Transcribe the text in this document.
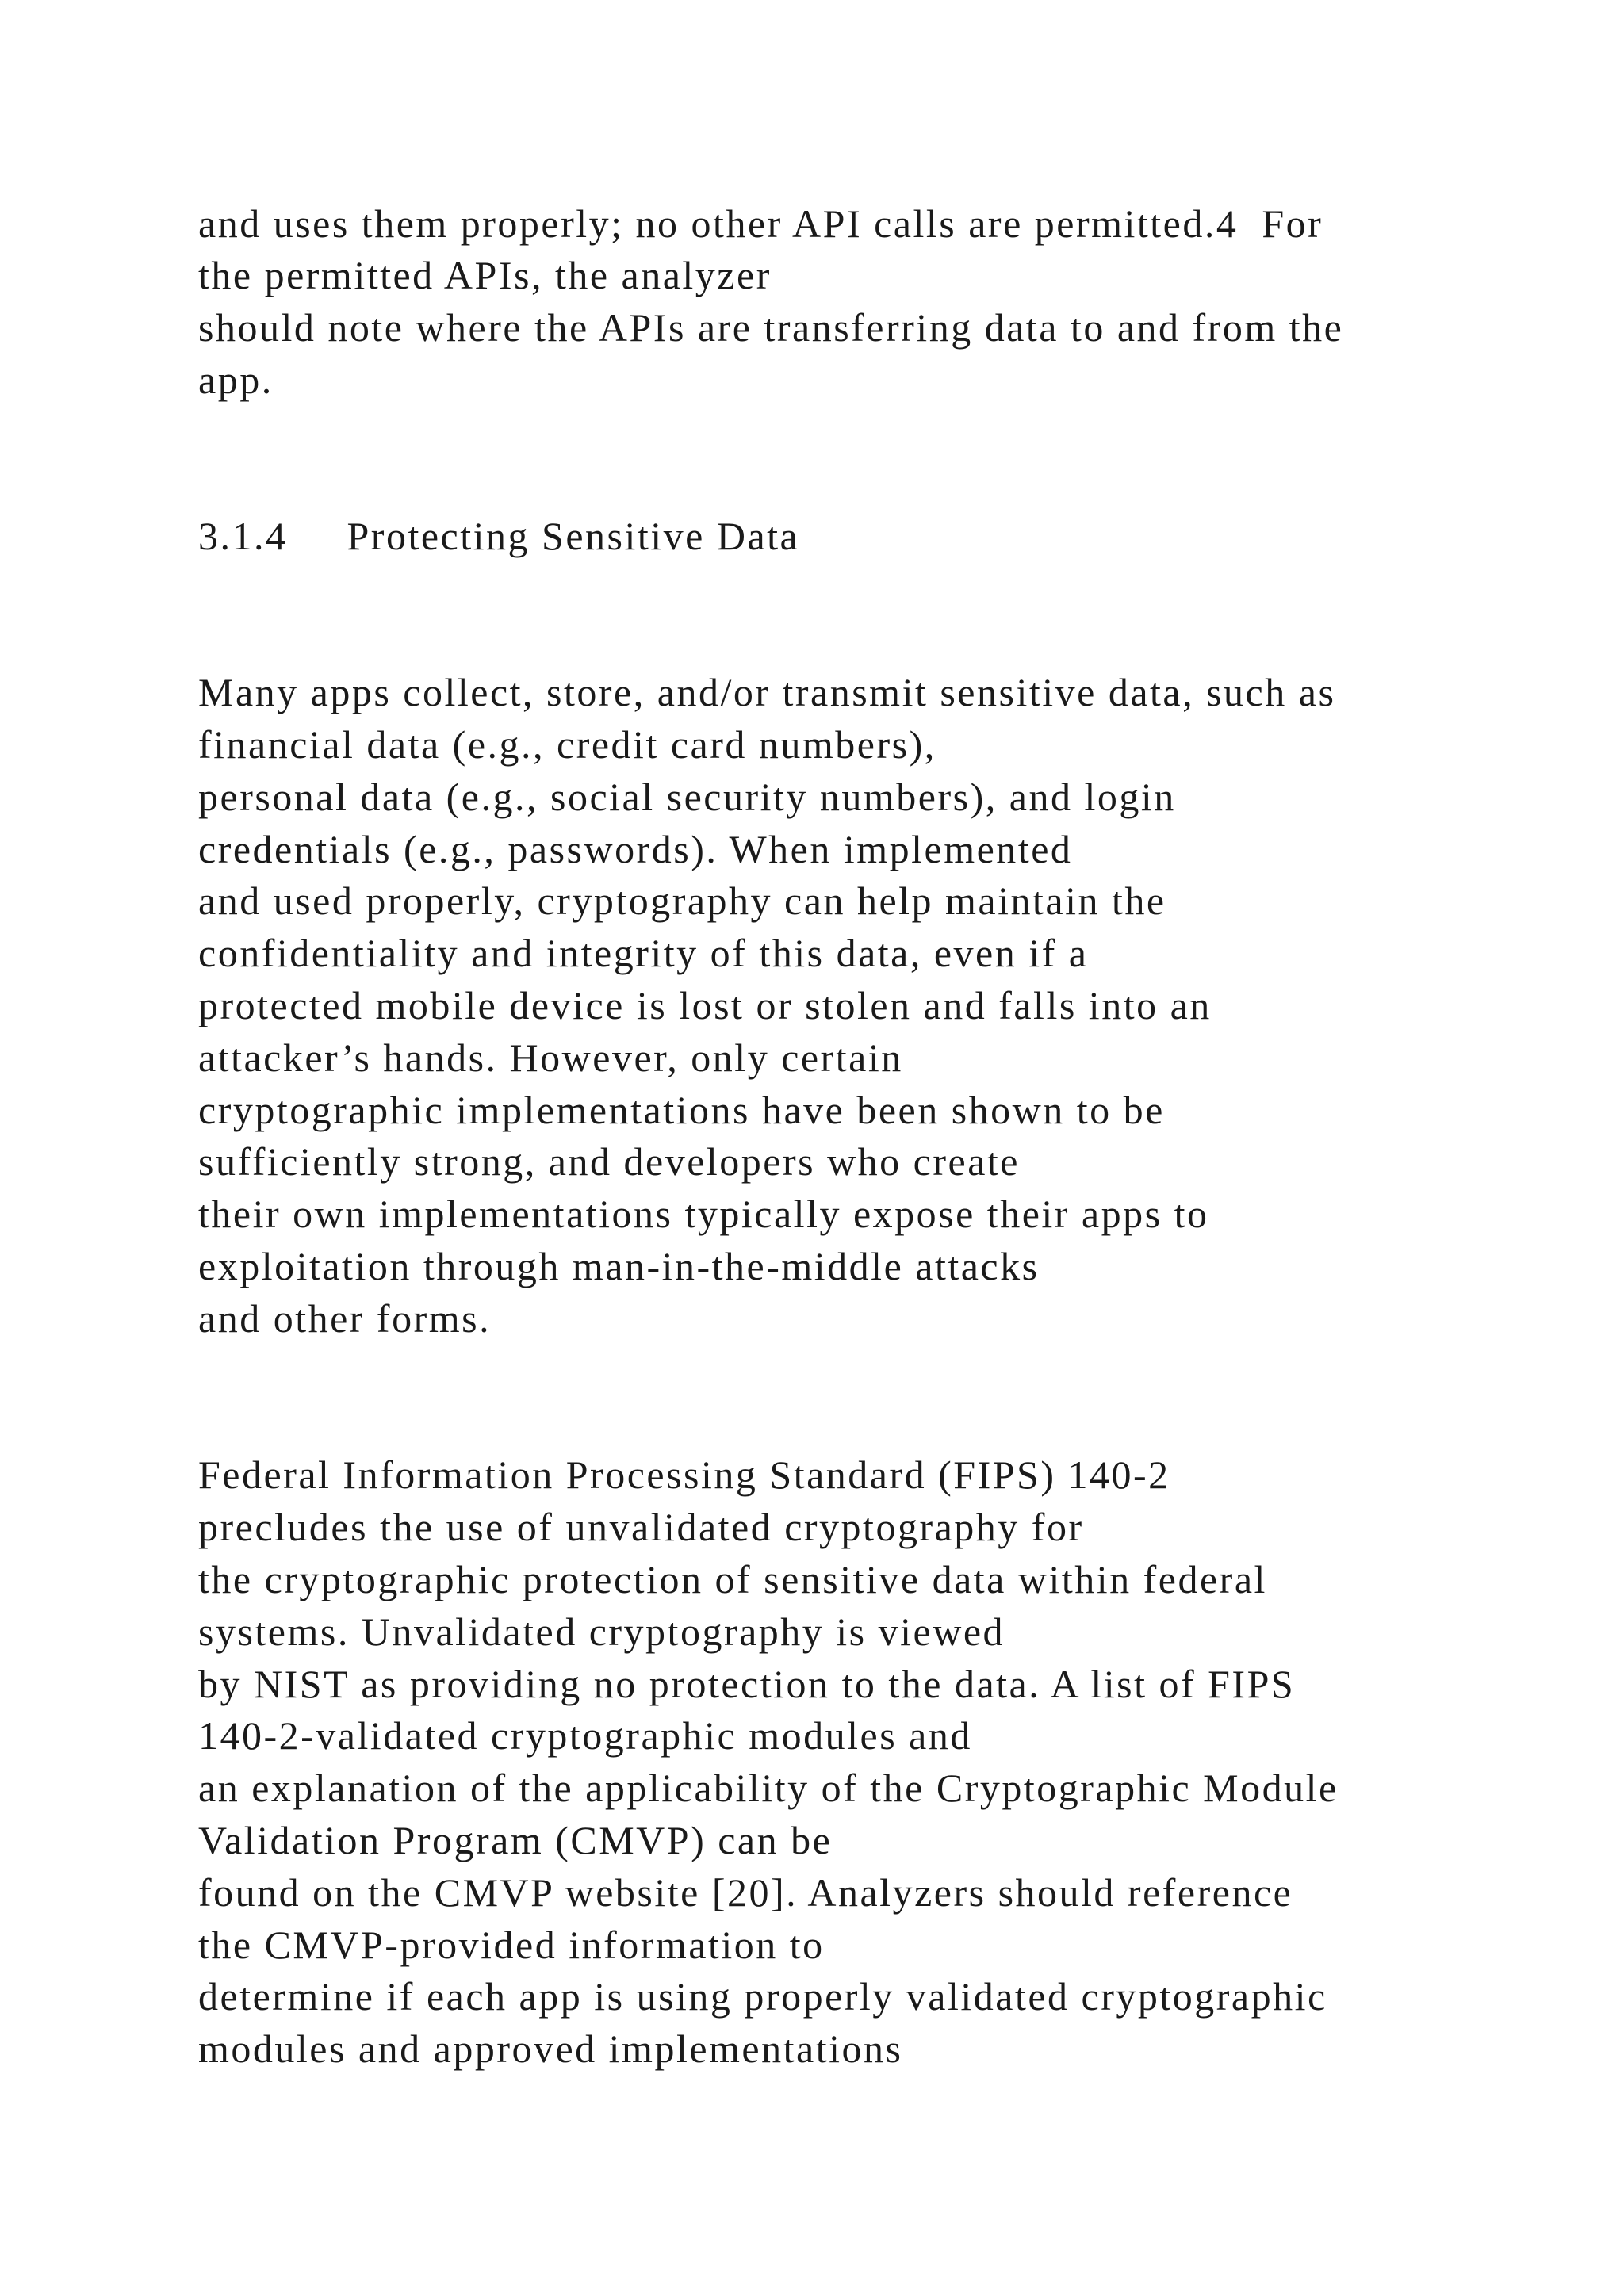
and uses them properly; no other API calls are permitted.4  For
the permitted APIs, the analyzer
should note where the APIs are transferring data to and from the
app.
3.1.4     Protecting Sensitive Data
Many apps collect, store, and/or transmit sensitive data, such as
financial data (e.g., credit card numbers),
personal data (e.g., social security numbers), and login
credentials (e.g., passwords). When implemented
and used properly, cryptography can help maintain the
confidentiality and integrity of this data, even if a
protected mobile device is lost or stolen and falls into an
attacker’s hands. However, only certain
cryptographic implementations have been shown to be
sufficiently strong, and developers who create
their own implementations typically expose their apps to
exploitation through man-in-the-middle attacks
and other forms.
Federal Information Processing Standard (FIPS) 140-2
precludes the use of unvalidated cryptography for
the cryptographic protection of sensitive data within federal
systems. Unvalidated cryptography is viewed
by NIST as providing no protection to the data. A list of FIPS
140-2-validated cryptographic modules and
an explanation of the applicability of the Cryptographic Module
Validation Program (CMVP) can be
found on the CMVP website [20]. Analyzers should reference
the CMVP-provided information to
determine if each app is using properly validated cryptographic
modules and approved implementations
